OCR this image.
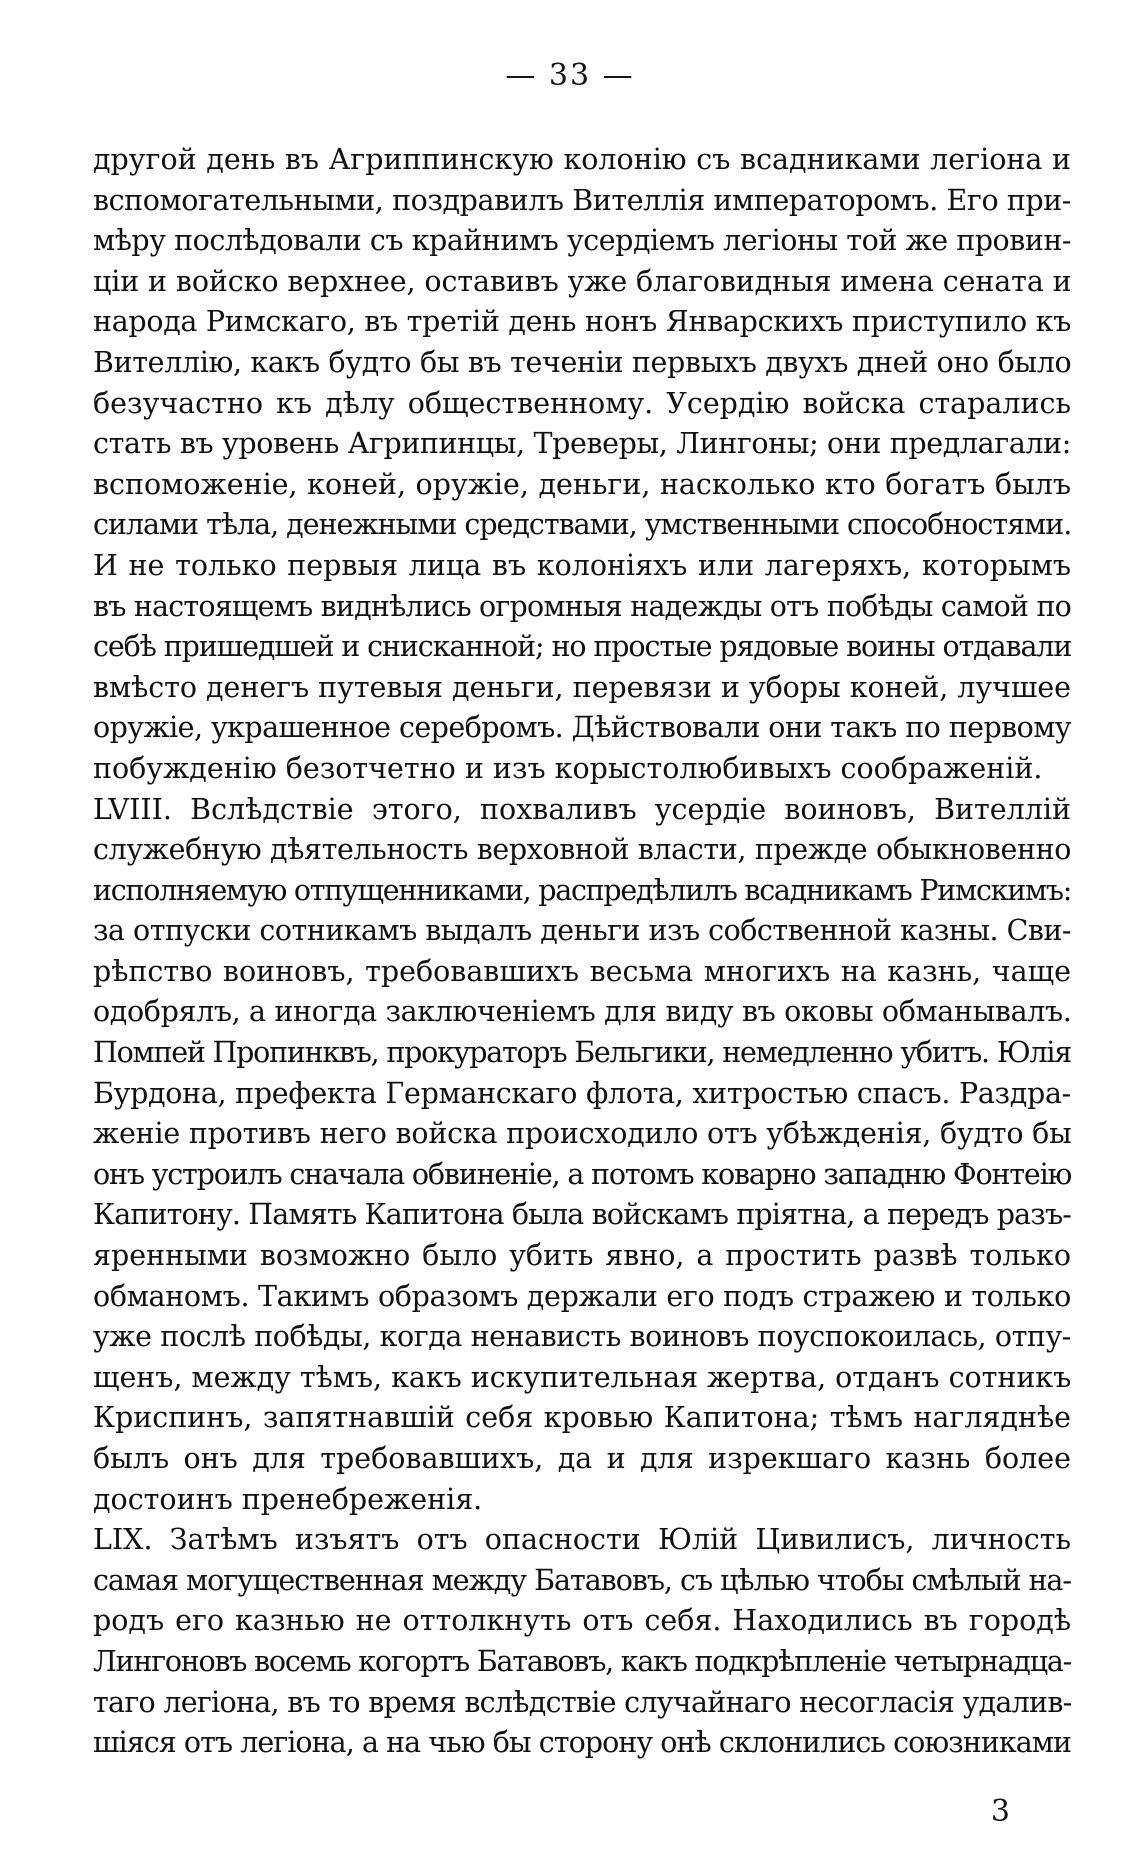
— 33 —
другой день въ Агриппинскую колонію съ всадниками легіона и
вспомогательными, поздравилъ Вителлія императоромъ. Его при-
мѣру послѣдовали съ крайнимъ усердіемъ легіоны той же провин-
ціи и войско верхнее, оставивъ уже благовидныя имена сената и
народа Римскаго, въ третій день нонъ Январскихъ приступило къ
Вителлію, какъ будто бы въ теченіи первыхъ двухъ дней оно было
безучастно къ дѣлу общественному. Усердію войска старались
стать въ уровень Агрипинцы, Треверы, Лингоны; они предлагали:
вспоможеніе, коней, оружіе, деньги, насколько кто богатъ былъ
силами тѣла, денежными средствами, умственными способностями.
И не только первыя лица въ колоніяхъ или лагеряхъ, которымъ
въ настоящемъ виднѣлись огромныя надежды отъ побѣды самой по
себѣ пришедшей и снисканной; но простые рядовые воины отдавали
вмѣсто денегъ путевыя деньги, перевязи и уборы коней, лучшее
оружіе, украшенное серебромъ. Дѣйствовали они такъ по первому
побужденію безотчетно и изъ корыстолюбивыхъ соображеній.
LVIII. Вслѣдствіе этого, похваливъ усердіе воиновъ, Вителлій
служебную дѣятельность верховной власти, прежде обыкновенно
исполняемую отпущенниками, распредѣлилъ всадникамъ Римскимъ:
за отпуски сотникамъ выдалъ деньги изъ собственной казны. Сви-
рѣпство воиновъ, требовавшихъ весьма многихъ на казнь, чаще
одобрялъ, а иногда заключеніемъ для виду въ оковы обманывалъ.
Помпей Пропинквъ, прокураторъ Бельгики, немедленно убитъ. Юлія
Бурдона, префекта Германскаго флота, хитростью спасъ. Раздра-
женіе противъ него войска происходило отъ убѣжденія, будто бы
онъ устроилъ сначала обвиненіе, а потомъ коварно западню Фонтеію
Капитону. Память Капитона была войскамъ пріятна, а передъ разъ-
яренными возможно было убить явно, а простить развѣ только
обманомъ. Такимъ образомъ держали его подъ стражею и только
уже послѣ побѣды, когда ненависть воиновъ поуспокоилась, отпу-
щенъ, между тѣмъ, какъ искупительная жертва, отданъ сотникъ
Криспинъ, запятнавшій себя кровью Капитона; тѣмъ нагляднѣе
былъ онъ для требовавшихъ, да и для изрекшаго казнь более
достоинъ пренебреженія.
LIX. Затѣмъ изъятъ отъ опасности Юлій Цивилисъ, личность
самая могущественная между Батавовъ, съ цѣлью чтобы смѣлый на-
родъ его казнью не оттолкнуть отъ себя. Находились въ городѣ
Лингоновъ восемь когортъ Батавовъ, какъ подкрѣпленіе четырнадца-
таго легіона, въ то время вслѣдствіе случайнаго несогласія удалив-
шіяся отъ легіона, а на чью бы сторону онѣ склонились союзниками
3
